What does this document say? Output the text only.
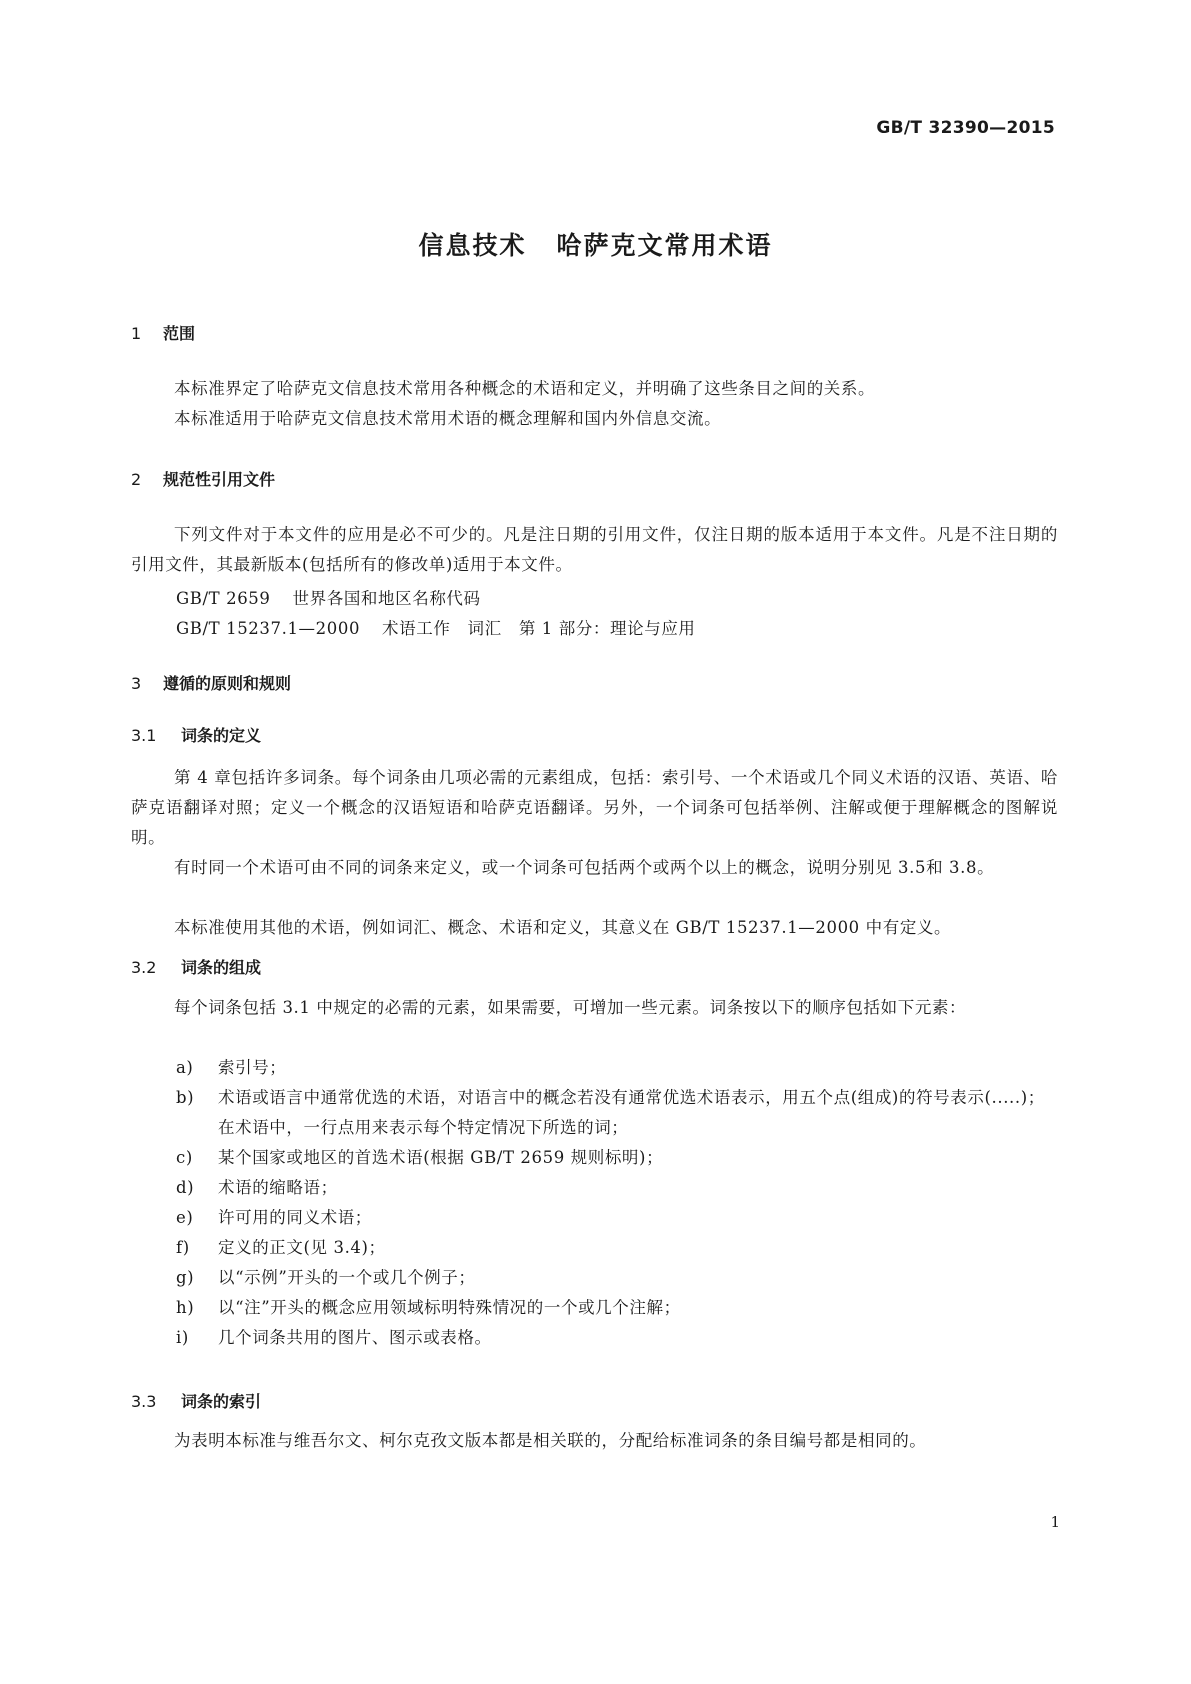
GB/T 32390—2015
信息技术 哈萨克文常用术语
1 范围
本标准界定了哈萨克文信息技术常用各种概念的术语和定义，并明确了这些条目之间的关系。
本标准适用于哈萨克文信息技术常用术语的概念理解和国内外信息交流。
2 规范性引用文件
下列文件对于本文件的应用是必不可少的。凡是注日期的引用文件，仅注日期的版本适用于本文件。凡是不注日期的引用文件，其最新版本(包括所有的修改单)适用于本文件。
GB/T 2659 世界各国和地区名称代码
GB/T 15237.1—2000 术语工作　词汇　第 1 部分：理论与应用
3 遵循的原则和规则
3.1 词条的定义
第 4 章包括许多词条。每个词条由几项必需的元素组成，包括：索引号、一个术语或几个同义术语的汉语、英语、哈萨克语翻译对照；定义一个概念的汉语短语和哈萨克语翻译。另外，一个词条可包括举例、注解或便于理解概念的图解说明。
有时同一个术语可由不同的词条来定义，或一个词条可包括两个或两个以上的概念，说明分别见 3.5和 3.8。
本标准使用其他的术语，例如词汇、概念、术语和定义，其意义在 GB/T 15237.1—2000 中有定义。
3.2 词条的组成
每个词条包括 3.1 中规定的必需的元素，如果需要，可增加一些元素。词条按以下的顺序包括如下元素：
a)	索引号；
b)	术语或语言中通常优选的术语，对语言中的概念若没有通常优选术语表示，用五个点(组成)的符号表示(.....)；在术语中，一行点用来表示每个特定情况下所选的词；
c)	某个国家或地区的首选术语(根据 GB/T 2659 规则标明)；
d)	术语的缩略语；
e)	许可用的同义术语；
f)	定义的正文(见 3.4)；
g)	以“示例”开头的一个或几个例子；
h)	以“注”开头的概念应用领域标明特殊情况的一个或几个注解；
i)	几个词条共用的图片、图示或表格。
3.3 词条的索引
为表明本标准与维吾尔文、柯尔克孜文版本都是相关联的，分配给标准词条的条目编号都是相同的。
1
